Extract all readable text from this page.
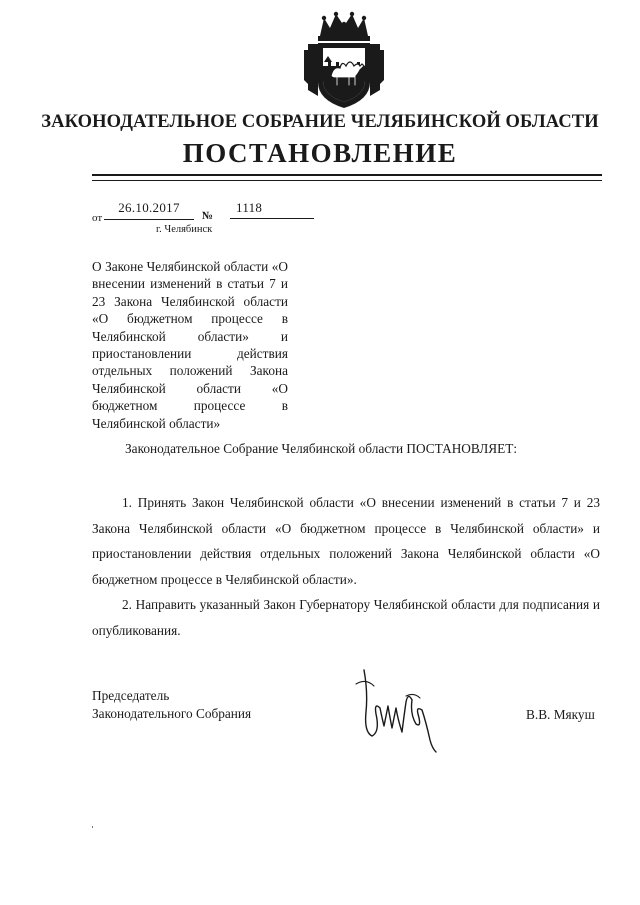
ЗАКОНОДАТЕЛЬНОЕ СОБРАНИЕ ЧЕЛЯБИНСКОЙ ОБЛАСТИ
ПОСТАНОВЛЕНИЕ
от
26.10.2017
№
1118
г. Челябинск
О Законе Челябинской области «О внесении изменений в статьи 7 и 23 Закона Челябинской области «О бюджетном процессе в Челябинской области» и приостановлении действия отдельных положений Закона Челябинской области «О бюджетном процессе в Челябинской области»
Законодательное Собрание Челябинской области ПОСТАНОВЛЯЕТ:

1. Принять Закон Челябинской области «О внесении изменений в статьи 7 и 23 Закона Челябинской области «О бюджетном процессе в Челябинской области» и приостановлении действия отдельных положений Закона Челябинской области «О бюджетном процессе в Челябинской области».

2. Направить указанный Закон Губернатору Челябинской области для подписания и опубликования.

Председатель
Законодательного Собрания	В.В. Мякуш
